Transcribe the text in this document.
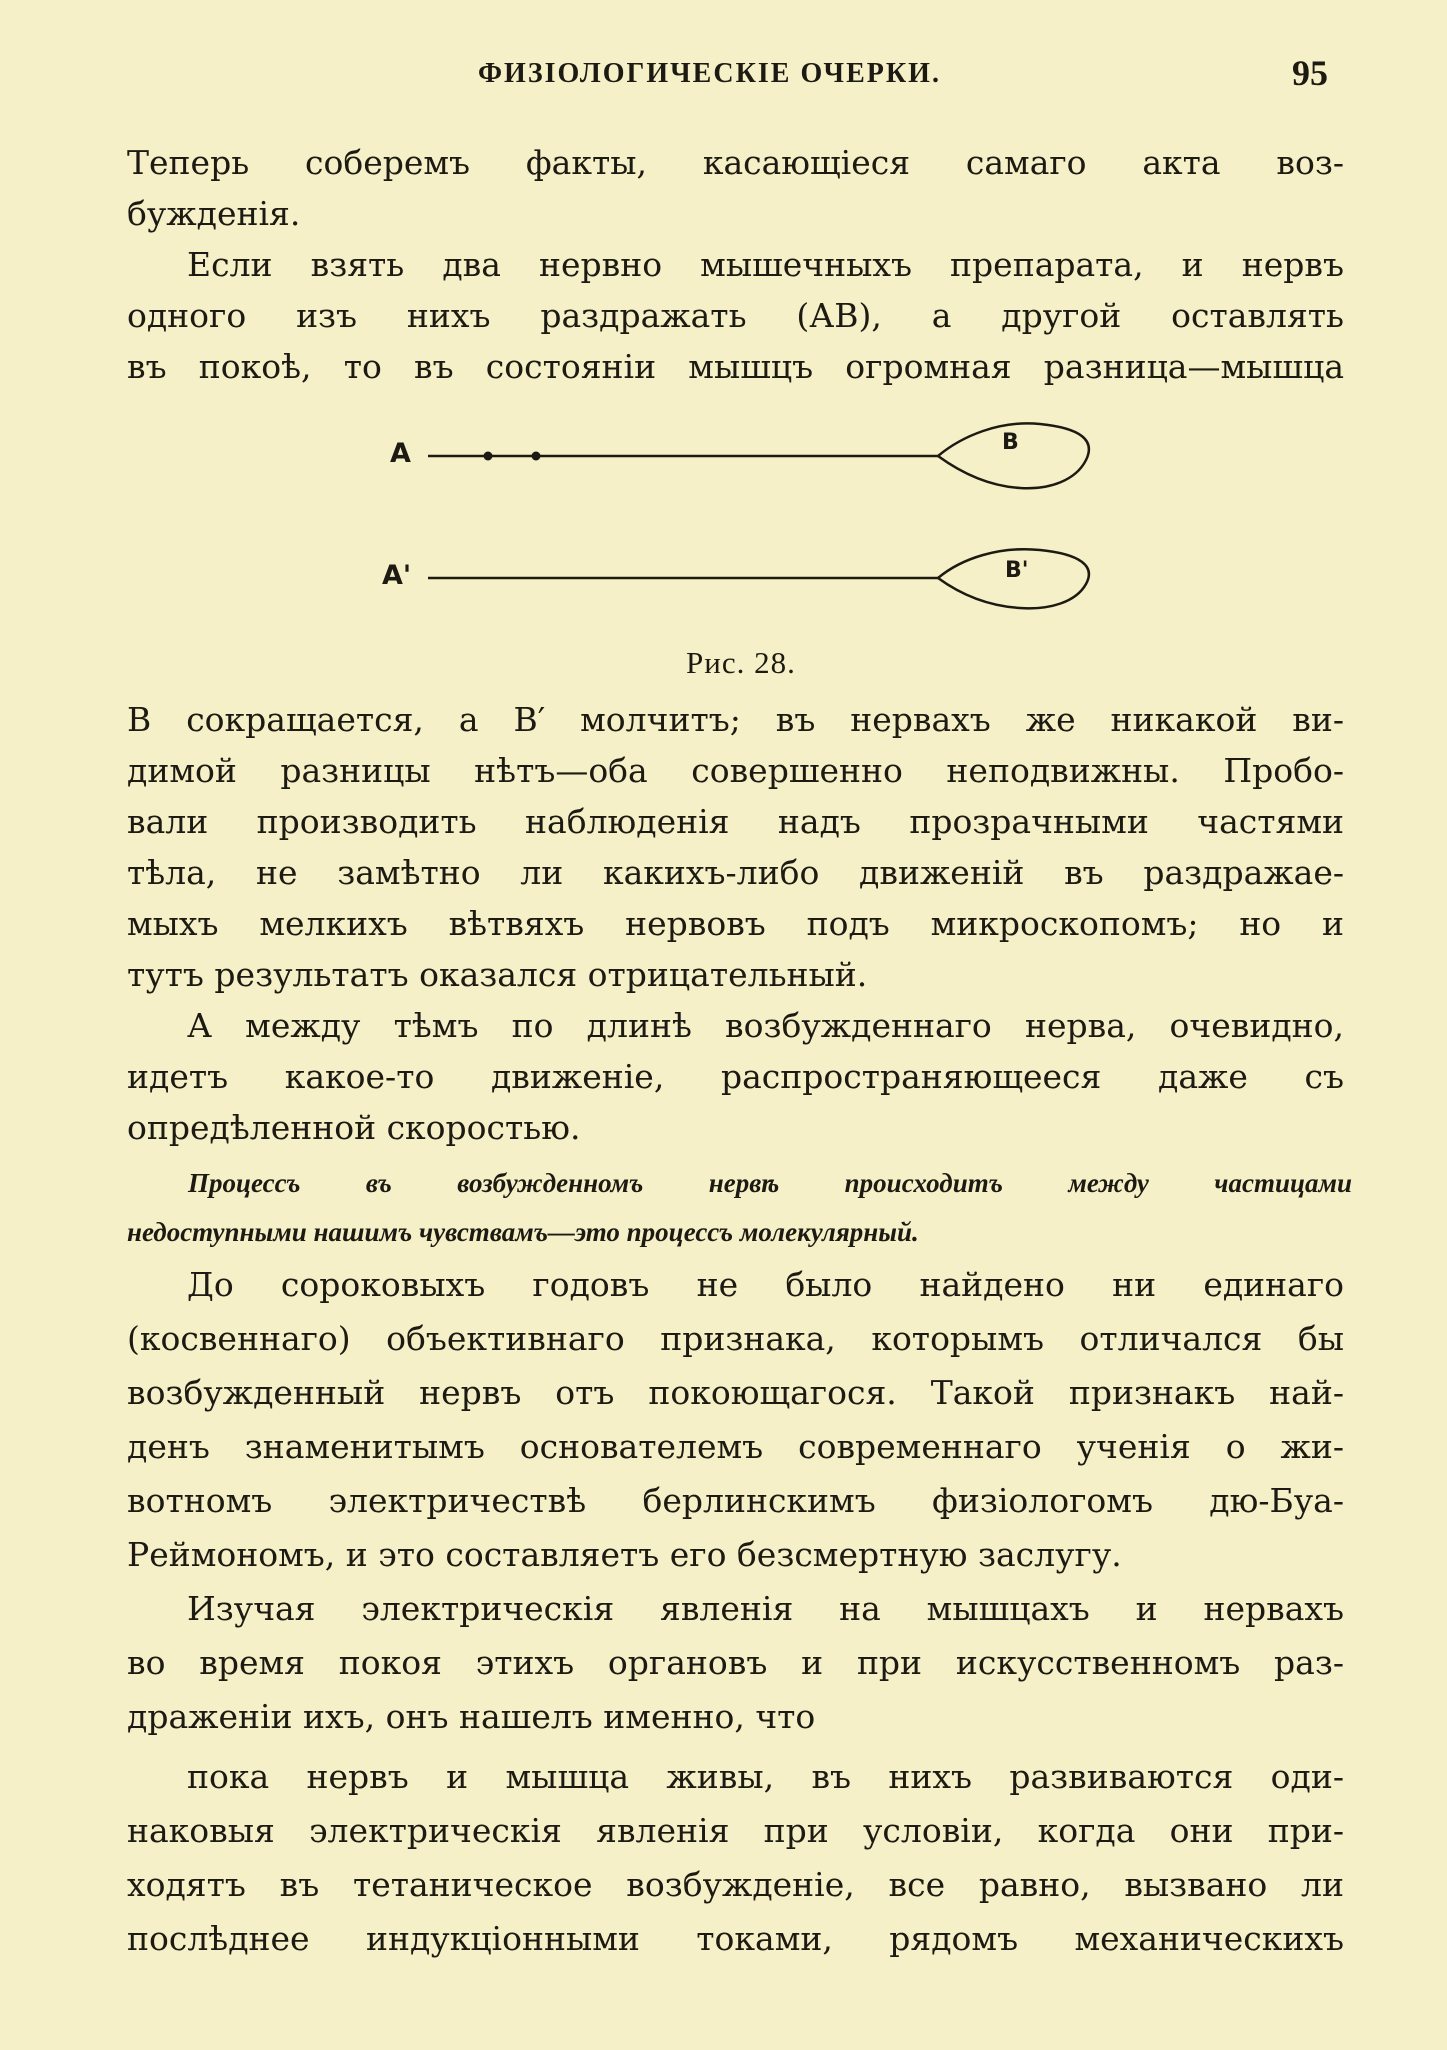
ФИЗІОЛОГИЧЕСКІЕ ОЧЕРКИ.	95
Теперь соберемъ факты, касающіеся самаго акта воз-
бужденія.
Если взять два нервно мышечныхъ препарата, и нервъ
одного изъ нихъ раздражать (АВ), а другой оставлять
въ покоѣ, то въ состояніи мышцъ огромная разница—мышца
A	B
A'	B'
Рис. 28.
В сокращается, а В′ молчитъ; въ нервахъ же никакой ви-
димой разницы нѣтъ—оба совершенно неподвижны. Пробо-
вали производить наблюденія надъ прозрачными частями
тѣла, не замѣтно ли какихъ-либо движеній въ раздражае-
мыхъ мелкихъ вѣтвяхъ нервовъ подъ микроскопомъ; но и
тутъ результатъ оказался отрицательный.
А между тѣмъ по длинѣ возбужденнаго нерва, очевидно,
идетъ какое-то движеніе, распространяющееся даже съ
опредѣленной скоростью.
Процессъ въ возбужденномъ нервѣ происходитъ между частицами
недоступными нашимъ чувствамъ—это процессъ молекулярный.
До сороковыхъ годовъ не было найдено ни единаго
(косвеннаго) объективнаго признака, которымъ отличался бы
возбужденный нервъ отъ покоющагося. Такой признакъ най-
денъ знаменитымъ основателемъ современнаго ученія о жи-
вотномъ электричествѣ берлинскимъ физіологомъ дю-Буа-
Реймономъ, и это составляетъ его безсмертную заслугу.
Изучая электрическія явленія на мышцахъ и нервахъ
во время покоя этихъ органовъ и при искусственномъ раз-
драженіи ихъ, онъ нашелъ именно, что
пока нервъ и мышца живы, въ нихъ развиваются оди-
наковыя электрическія явленія при условіи, когда они при-
ходятъ въ тетаническое возбужденіе, все равно, вызвано ли
послѣднее индукціонными токами, рядомъ механическихъ
